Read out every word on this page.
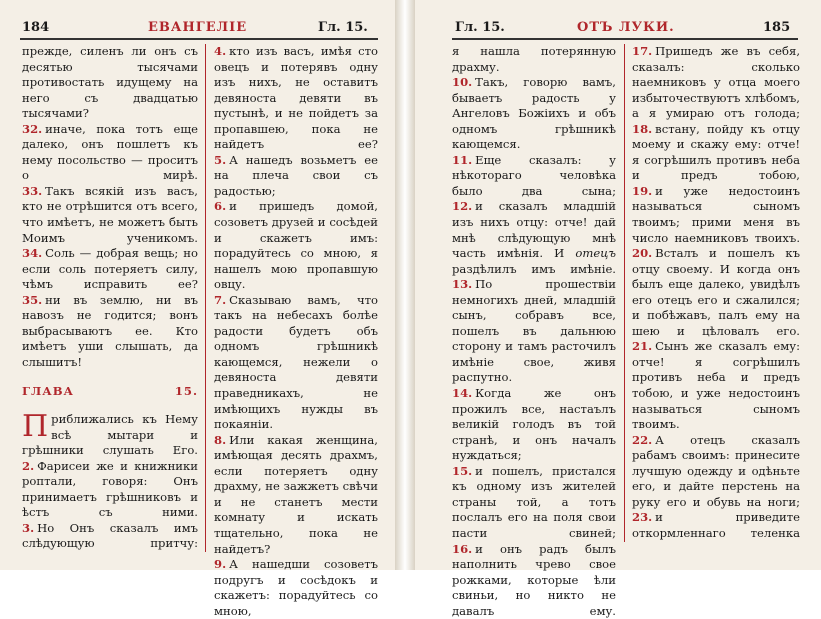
184	ЕВАНГЕЛІЕ	Гл. 15.

прежде, силенъ ли онъ съ десятью тысячами противостать идущему на него съ двадцатью тысячами?

32. иначе, пока тотъ еще далеко, онъ пошлетъ къ нему посольство — проситъ о мирѣ.

33. Такъ всякій изъ васъ, кто не отрѣшится отъ всего, что имѣетъ, не можетъ быть Моимъ ученикомъ.

34. Соль — добрая вещь; но если соль потеряетъ силу, чѣмъ исправить ее?

35. ни въ землю, ни въ навозъ не годится; вонъ выбрасываютъ ее. Кто имѣетъ уши слышать, да слышитъ!

ГЛАВА 15.

Приближались къ Нему всѣ мытари и грѣшники слушать Его.

2. Фарисеи же и книжники роптали, говоря: Онъ принимаетъ грѣшниковъ и ѣстъ съ ними.

3. Но Онъ сказалъ имъ слѣдующую притчу:

4. кто изъ васъ, имѣя сто овецъ и потерявъ одну изъ нихъ, не оставитъ девяноста девяти въ пустынѣ, и не пойдетъ за пропавшею, пока не найдетъ ее?

5. А нашедъ возьметъ ее на плеча свои съ радостью;

6. и пришедъ домой, созоветъ друзей и сосѣдей и скажетъ имъ: порадуйтесь со мною, я нашелъ мою пропавшую овцу.

7. Сказываю вамъ, что такъ на небесахъ болѣе радости будетъ объ одномъ грѣшникѣ кающемся, нежели о девяноста девяти праведникахъ, не имѣющихъ нужды въ покаяніи.

8. Или какая женщина, имѣющая десять драхмъ, если потеряетъ одну драхму, не зажжетъ свѣчи и не станетъ мести комнату и искать тщательно, пока не найдетъ?

9. А нашедши созоветъ подругъ и сосѣдокъ и скажетъ: порадуйтесь со мною,

Гл. 15.	ОТЪ ЛУКИ.	185

я нашла потерянную драхму.

10. Такъ, говорю вамъ, бываетъ радость у Ангеловъ Божіихъ и объ одномъ грѣшникѣ кающемся.

11. Еще сказалъ: у нѣкотораго человѣка было два сына;

12. и сказалъ младшій изъ нихъ отцу: отче! дай мнѣ слѣдующую мнѣ часть имѣнія. И отецъ раздѣлилъ имъ имѣніе.

13. По прошествіи немногихъ дней, младшій сынъ, собравъ все, пошелъ въ дальнюю сторону и тамъ расточилъ имѣніе свое, живя распутно.

14. Когда же онъ прожилъ все, настаълъ великій голодъ въ той странѣ, и онъ началъ нуждаться;

15. и пошелъ, пристался къ одному изъ жителей страны той, а тотъ послалъ его на поля свои пасти свиней;

16. и онъ радъ былъ наполнить чрево свое рожками, которые ѣли свиньи, но никто не давалъ ему.

17. Пришедъ же въ себя, сказалъ: сколько наемниковъ у отца моего избыточествуютъ хлѣбомъ, а я умираю отъ голода;

18. встану, пойду къ отцу моему и скажу ему: отче! я согрѣшилъ противъ неба и предъ тобою,

19. и уже недостоинъ называться сыномъ твоимъ; прими меня въ число наемниковъ твоихъ.

20. Всталъ и пошелъ къ отцу своему. И когда онъ былъ еще далеко, увидѣлъ его отецъ его и сжалился; и побѣжавъ, палъ ему на шею и цѣловалъ его.

21. Сынъ же сказалъ ему: отче! я согрѣшилъ противъ неба и предъ тобою, и уже недостоинъ называться сыномъ твоимъ.

22. А отецъ сказалъ рабамъ своимъ: принесите лучшую одежду и одѣньте его, и дайте перстень на руку его и обувь на ноги;

23. и приведите откормленнаго теленка
